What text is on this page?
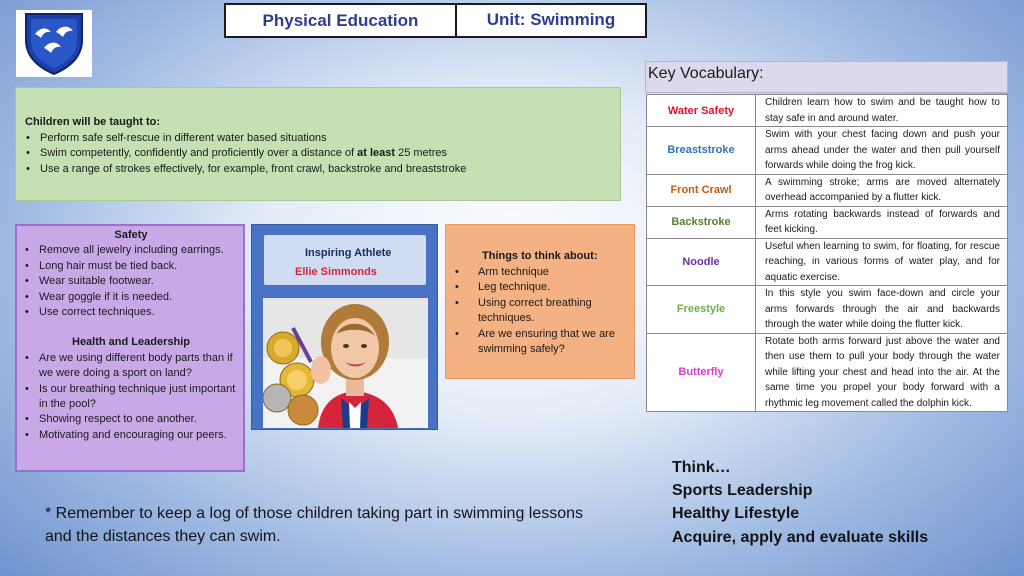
Physical Education	Unit: Swimming
Children will be taught to:
• Perform safe self-rescue in different water based situations
• Swim competently, confidently and proficiently over a distance of at least 25 metres
• Use a range of strokes effectively, for example, front crawl, backstroke and breaststroke
Safety
• Remove all jewelry including earrings.
• Long hair must be tied back.
• Wear suitable footwear.
• Wear goggle if it is needed.
• Use correct techniques.
Health and Leadership
• Are we using different body parts than if we were doing a sport on land?
• Is our breathing technique just important in the pool?
• Showing respect to one another.
• Motivating and encouraging our peers.
Inspiring Athlete
Ellie Simmonds
Things to think about:
• Arm technique
• Leg technique.
• Using correct breathing techniques.
• Are we ensuring that we are swimming safely?
Key Vocabulary:
Water Safety	Children learn how to swim and be taught how to stay safe in and around water.
Breaststroke	Swim with your chest facing down and push your arms ahead under the water and then pull yourself forwards while doing the frog kick.
Front Crawl	A swimming stroke; arms are moved alternately overhead accompanied by a flutter kick.
Backstroke	Arms rotating backwards instead of forwards and feet kicking.
Noodle	Useful when learning to swim, for floating, for rescue reaching, in various forms of water play, and for aquatic exercise.
Freestyle	In this style you swim face-down and circle your arms forwards through the air and backwards through the water while doing the flutter kick.
Butterfly	Rotate both arms forward just above the water and then use them to pull your body through the water while lifting your chest and head into the air. At the same time you propel your body forward with a rhythmic leg movement called the dolphin kick.
Think…
Sports Leadership
Healthy Lifestyle
Acquire, apply and evaluate skills
* Remember to keep a log of those children taking part in swimming lessons and the distances they can swim.
